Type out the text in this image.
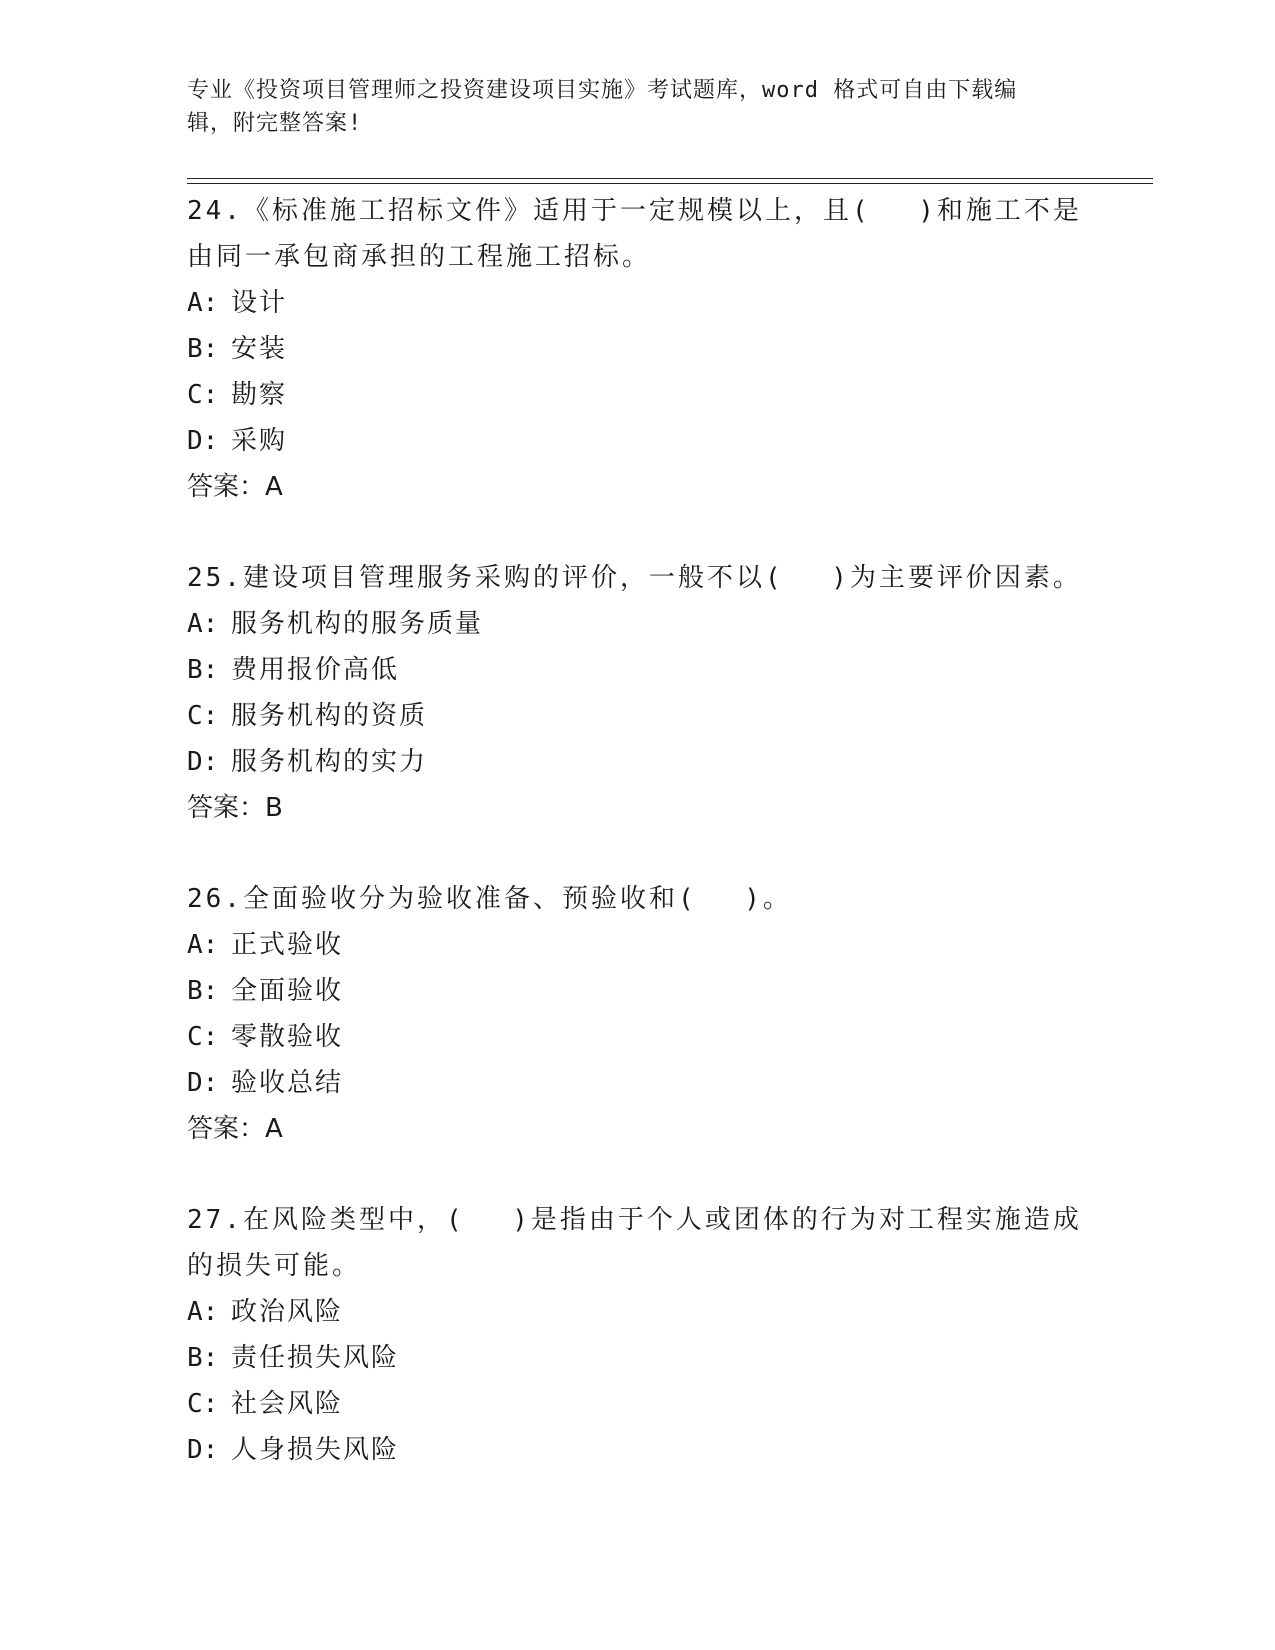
专业《投资项目管理师之投资建设项目实施》考试题库，word 格式可自由下载编
辑，附完整答案!

24.《标准施工招标文件》适用于一定规模以上，且(　 )和施工不是

由同一承包商承担的工程施工招标。

A: 设计

B: 安装

C: 勘察

D: 采购

答案：A

25.建设项目管理服务采购的评价，一般不以(　 )为主要评价因素。

A: 服务机构的服务质量

B: 费用报价高低

C: 服务机构的资质

D: 服务机构的实力

答案：B

26.全面验收分为验收准备、预验收和(　 )。

A: 正式验收

B: 全面验收

C: 零散验收

D: 验收总结

答案：A

27.在风险类型中，(　 )是指由于个人或团体的行为对工程实施造成

的损失可能。

A: 政治风险

B: 责任损失风险

C: 社会风险

D: 人身损失风险
